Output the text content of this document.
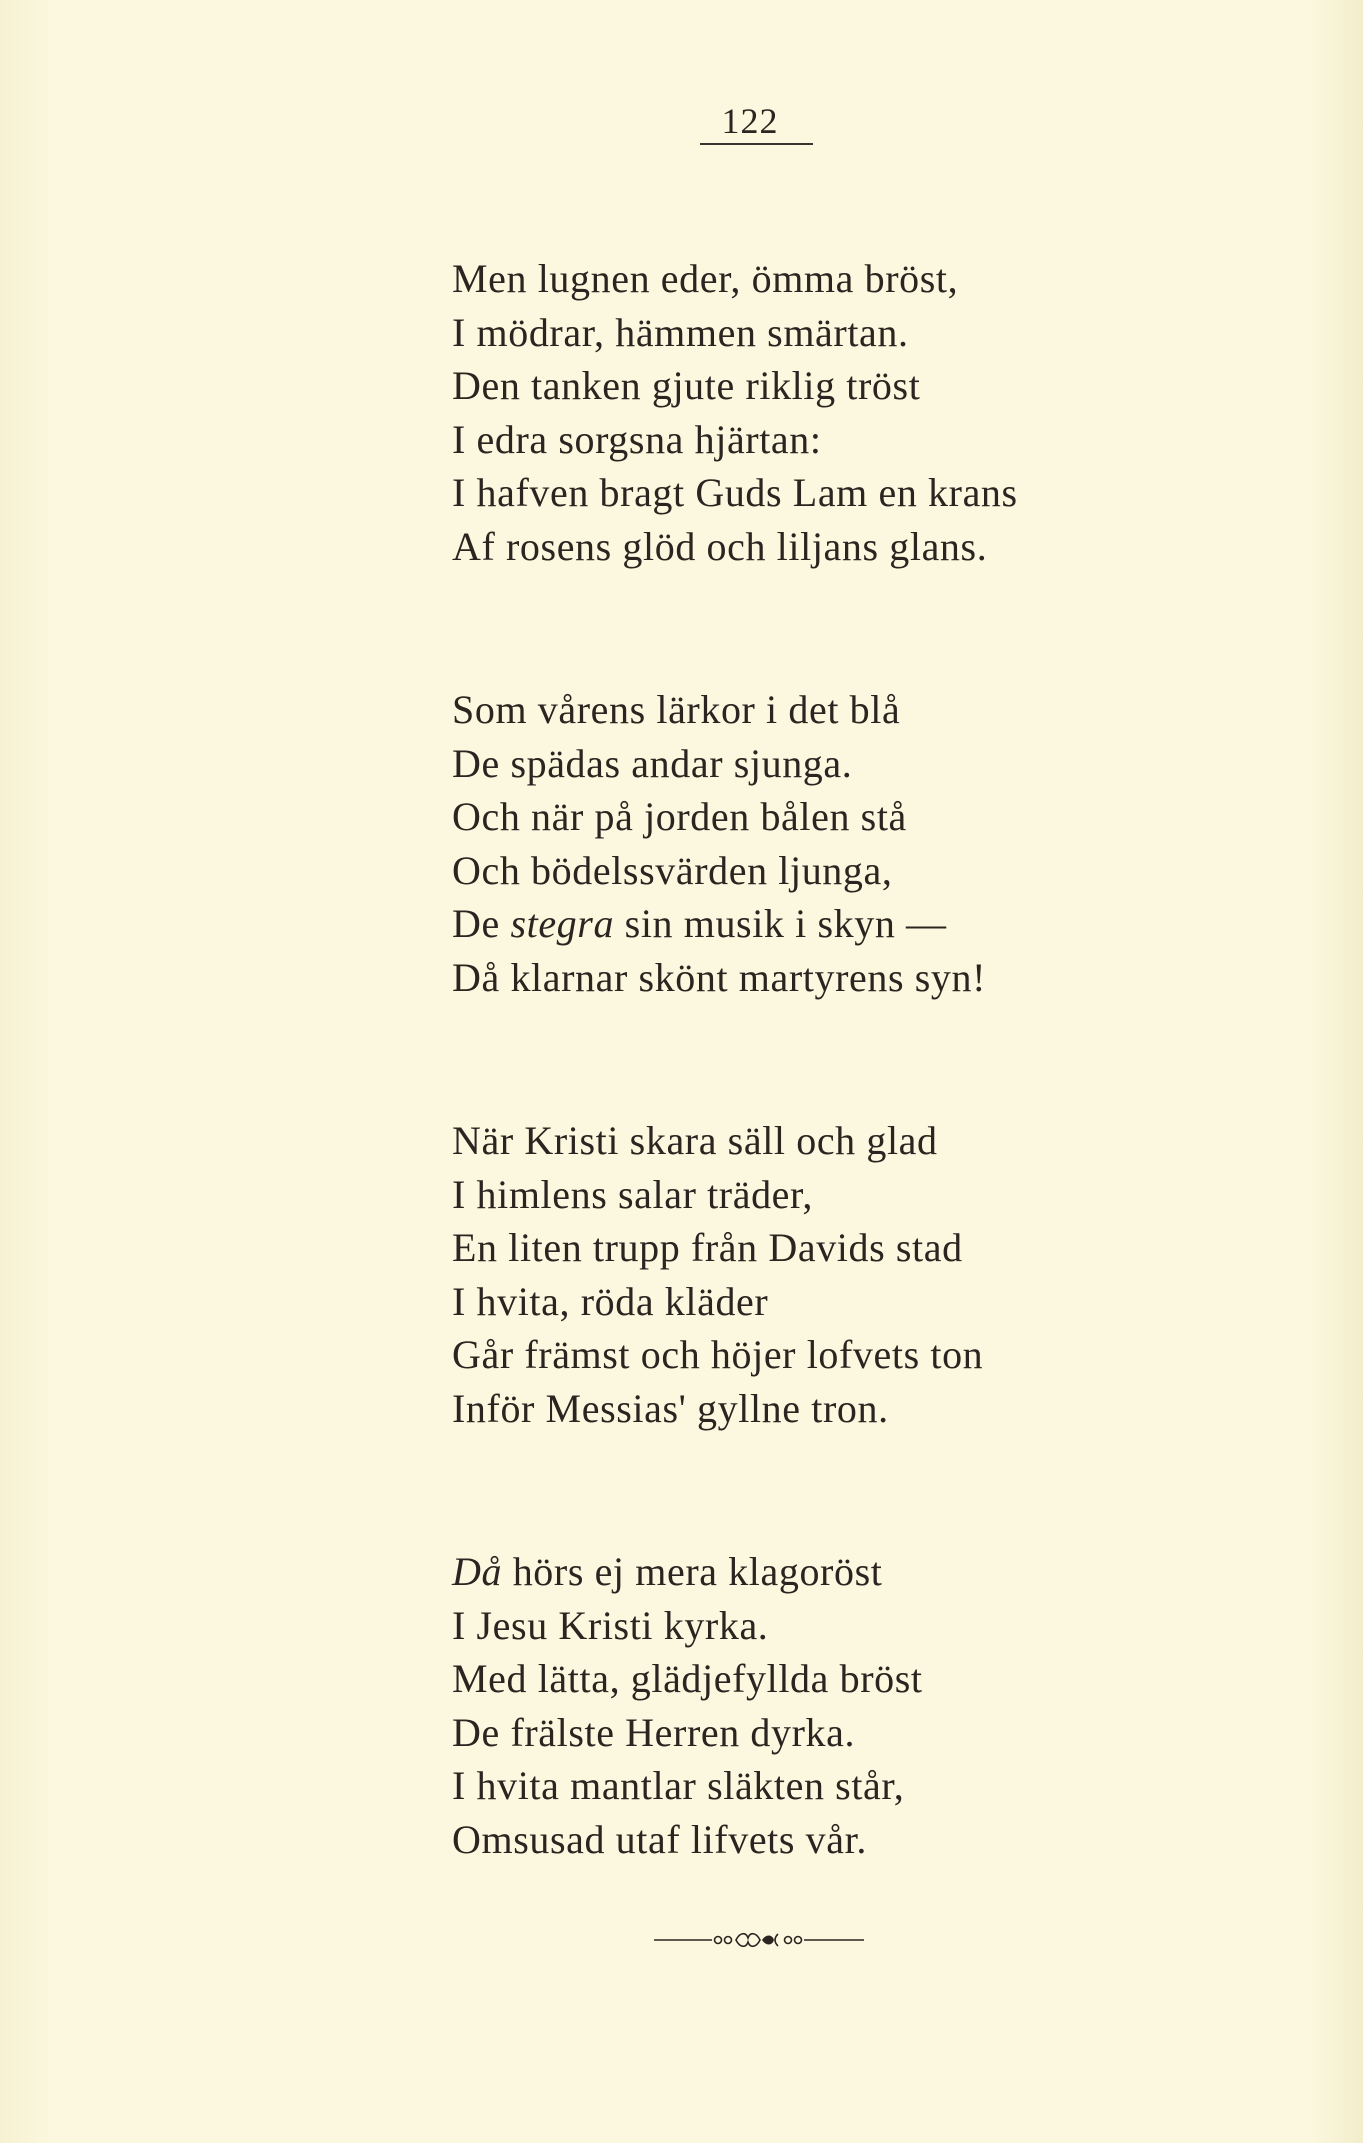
122
Men lugnen eder, ömma bröst,
I mödrar, hämmen smärtan.
Den tanken gjute riklig tröst
I edra sorgsna hjärtan:
I hafven bragt Guds Lam en krans
Af rosens glöd och liljans glans.
Som vårens lärkor i det blå
De spädas andar sjunga.
Och när på jorden bålen stå
Och bödelssvärden ljunga,
De stegra sin musik i skyn —
Då klarnar skönt martyrens syn!
När Kristi skara säll och glad
I himlens salar träder,
En liten trupp från Davids stad
I hvita, röda kläder
Går främst och höjer lofvets ton
Inför Messias' gyllne tron.
Då hörs ej mera klagoröst
I Jesu Kristi kyrka.
Med lätta, glädjefyllda bröst
De frälste Herren dyrka.
I hvita mantlar släkten står,
Omsusad utaf lifvets vår.
